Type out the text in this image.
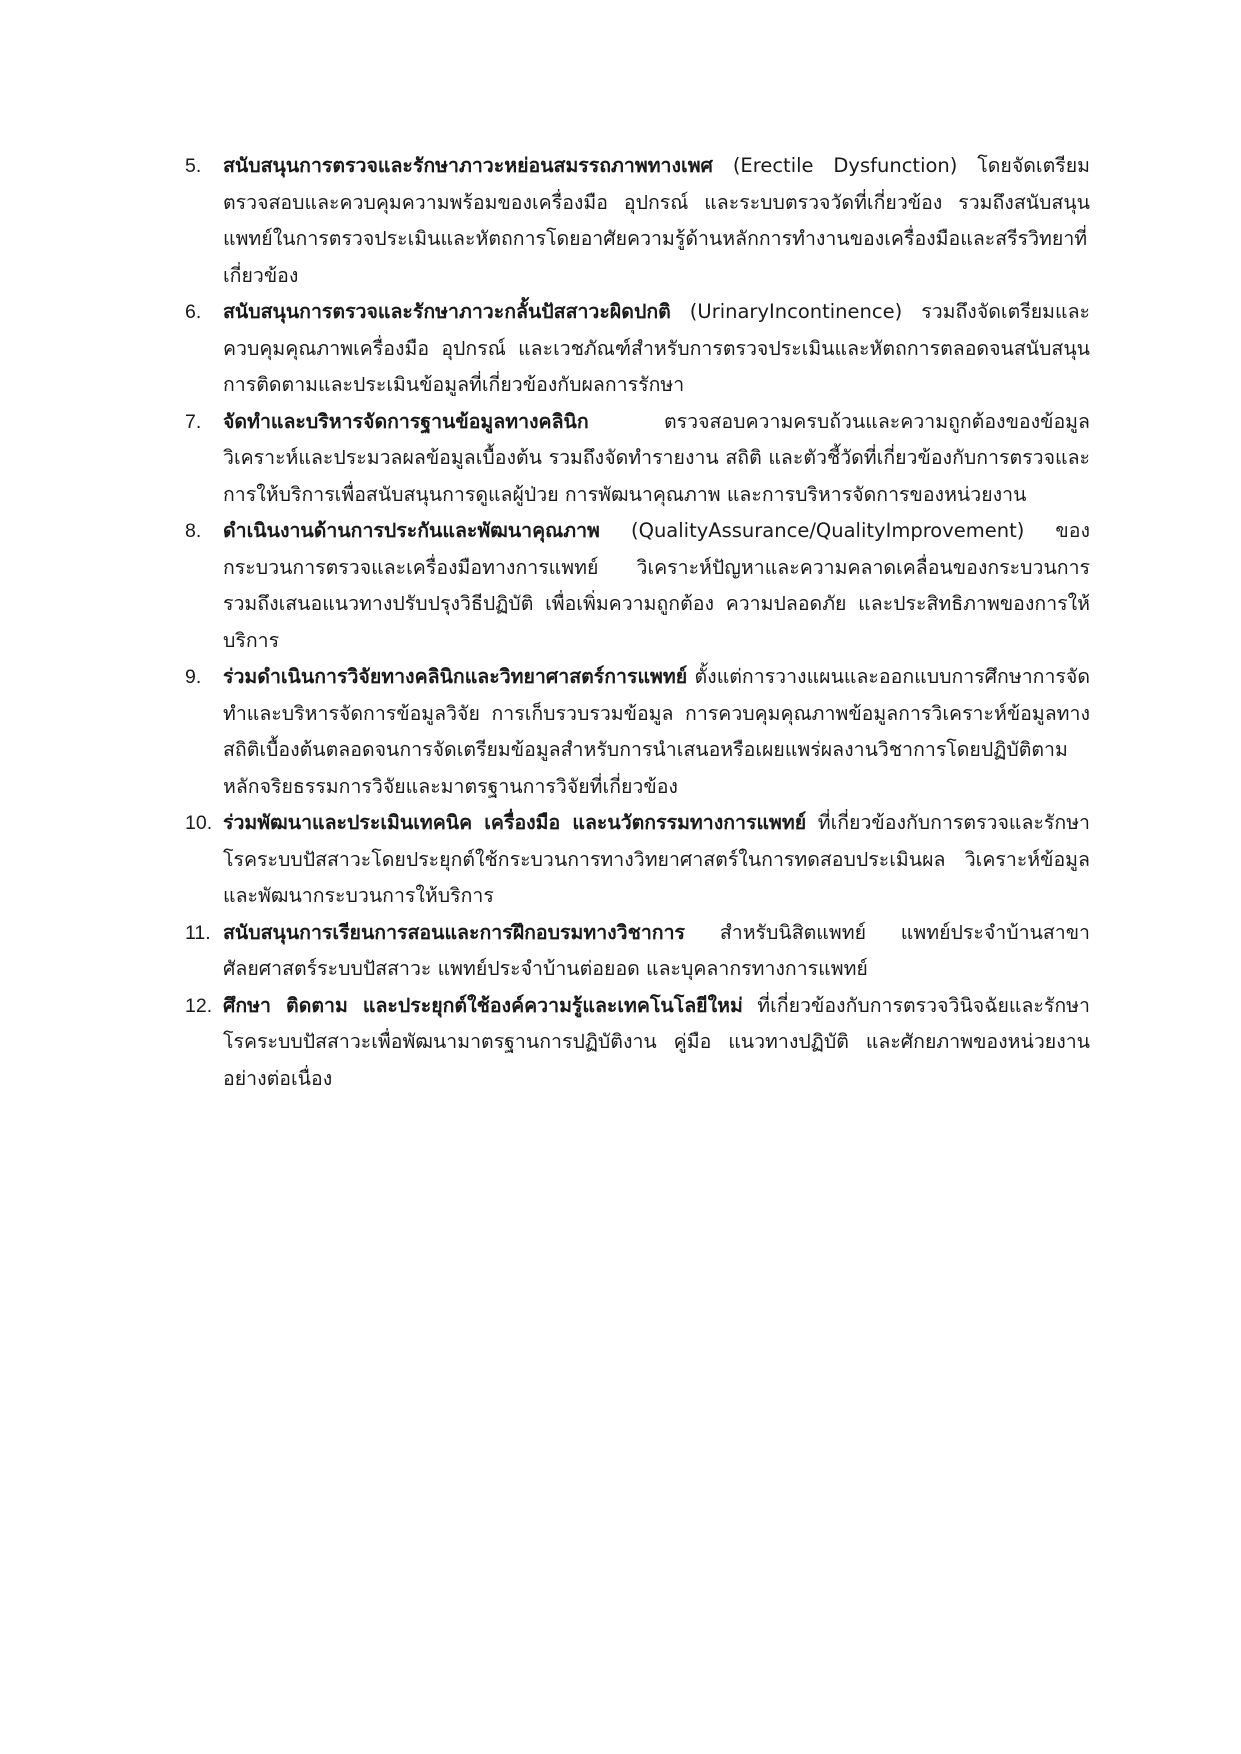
5.	สนับสนุนการตรวจและรักษาภาวะหย่อนสมรรถภาพทางเพศ (Erectile Dysfunction) โดยจัดเตรียม ตรวจสอบและควบคุมความพร้อมของเครื่องมือ อุปกรณ์ และระบบตรวจวัดที่เกี่ยวข้อง รวมถึงสนับสนุนแพทย์ในการตรวจประเมินและหัตถการโดยอาศัยความรู้ด้านหลักการทำงานของเครื่องมือและสรีรวิทยาที่เกี่ยวข้อง

6.	สนับสนุนการตรวจและรักษาภาวะกลั้นปัสสาวะผิดปกติ (UrinaryIncontinence) รวมถึงจัดเตรียมและควบคุมคุณภาพเครื่องมือ อุปกรณ์ และเวชภัณฑ์สำหรับการตรวจประเมินและหัตถการตลอดจนสนับสนุนการติดตามและประเมินข้อมูลที่เกี่ยวข้องกับผลการรักษา

7.	จัดทำและบริหารจัดการฐานข้อมูลทางคลินิก ตรวจสอบความครบถ้วนและความถูกต้องของข้อมูลวิเคราะห์และประมวลผลข้อมูลเบื้องต้น รวมถึงจัดทำรายงาน สถิติ และตัวชี้วัดที่เกี่ยวข้องกับการตรวจและการให้บริการเพื่อสนับสนุนการดูแลผู้ป่วย การพัฒนาคุณภาพ และการบริหารจัดการของหน่วยงาน

8.	ดำเนินงานด้านการประกันและพัฒนาคุณภาพ (QualityAssurance/QualityImprovement) ของกระบวนการตรวจและเครื่องมือทางการแพทย์ วิเคราะห์ปัญหาและความคลาดเคลื่อนของกระบวนการรวมถึงเสนอแนวทางปรับปรุงวิธีปฏิบัติ เพื่อเพิ่มความถูกต้อง ความปลอดภัย และประสิทธิภาพของการให้บริการ

9.	ร่วมดำเนินการวิจัยทางคลินิกและวิทยาศาสตร์การแพทย์ ตั้งแต่การวางแผนและออกแบบการศึกษาการจัดทำและบริหารจัดการข้อมูลวิจัย การเก็บรวบรวมข้อมูล การควบคุมคุณภาพข้อมูลการวิเคราะห์ข้อมูลทางสถิติเบื้องต้นตลอดจนการจัดเตรียมข้อมูลสำหรับการนำเสนอหรือเผยแพร่ผลงานวิชาการโดยปฏิบัติตามหลักจริยธรรมการวิจัยและมาตรฐานการวิจัยที่เกี่ยวข้อง

10. ร่วมพัฒนาและประเมินเทคนิค เครื่องมือ และนวัตกรรมทางการแพทย์ ที่เกี่ยวข้องกับการตรวจและรักษาโรคระบบปัสสาวะโดยประยุกต์ใช้กระบวนการทางวิทยาศาสตร์ในการทดสอบประเมินผล วิเคราะห์ข้อมูล และพัฒนากระบวนการให้บริการ

11. สนับสนุนการเรียนการสอนและการฝึกอบรมทางวิชาการ สำหรับนิสิตแพทย์ แพทย์ประจำบ้านสาขาศัลยศาสตร์ระบบปัสสาวะ แพทย์ประจำบ้านต่อยอด และบุคลากรทางการแพทย์

12. ศึกษา ติดตาม และประยุกต์ใช้องค์ความรู้และเทคโนโลยีใหม่ ที่เกี่ยวข้องกับการตรวจวินิจฉัยและรักษาโรคระบบปัสสาวะเพื่อพัฒนามาตรฐานการปฏิบัติงาน คู่มือ แนวทางปฏิบัติ และศักยภาพของหน่วยงานอย่างต่อเนื่อง
